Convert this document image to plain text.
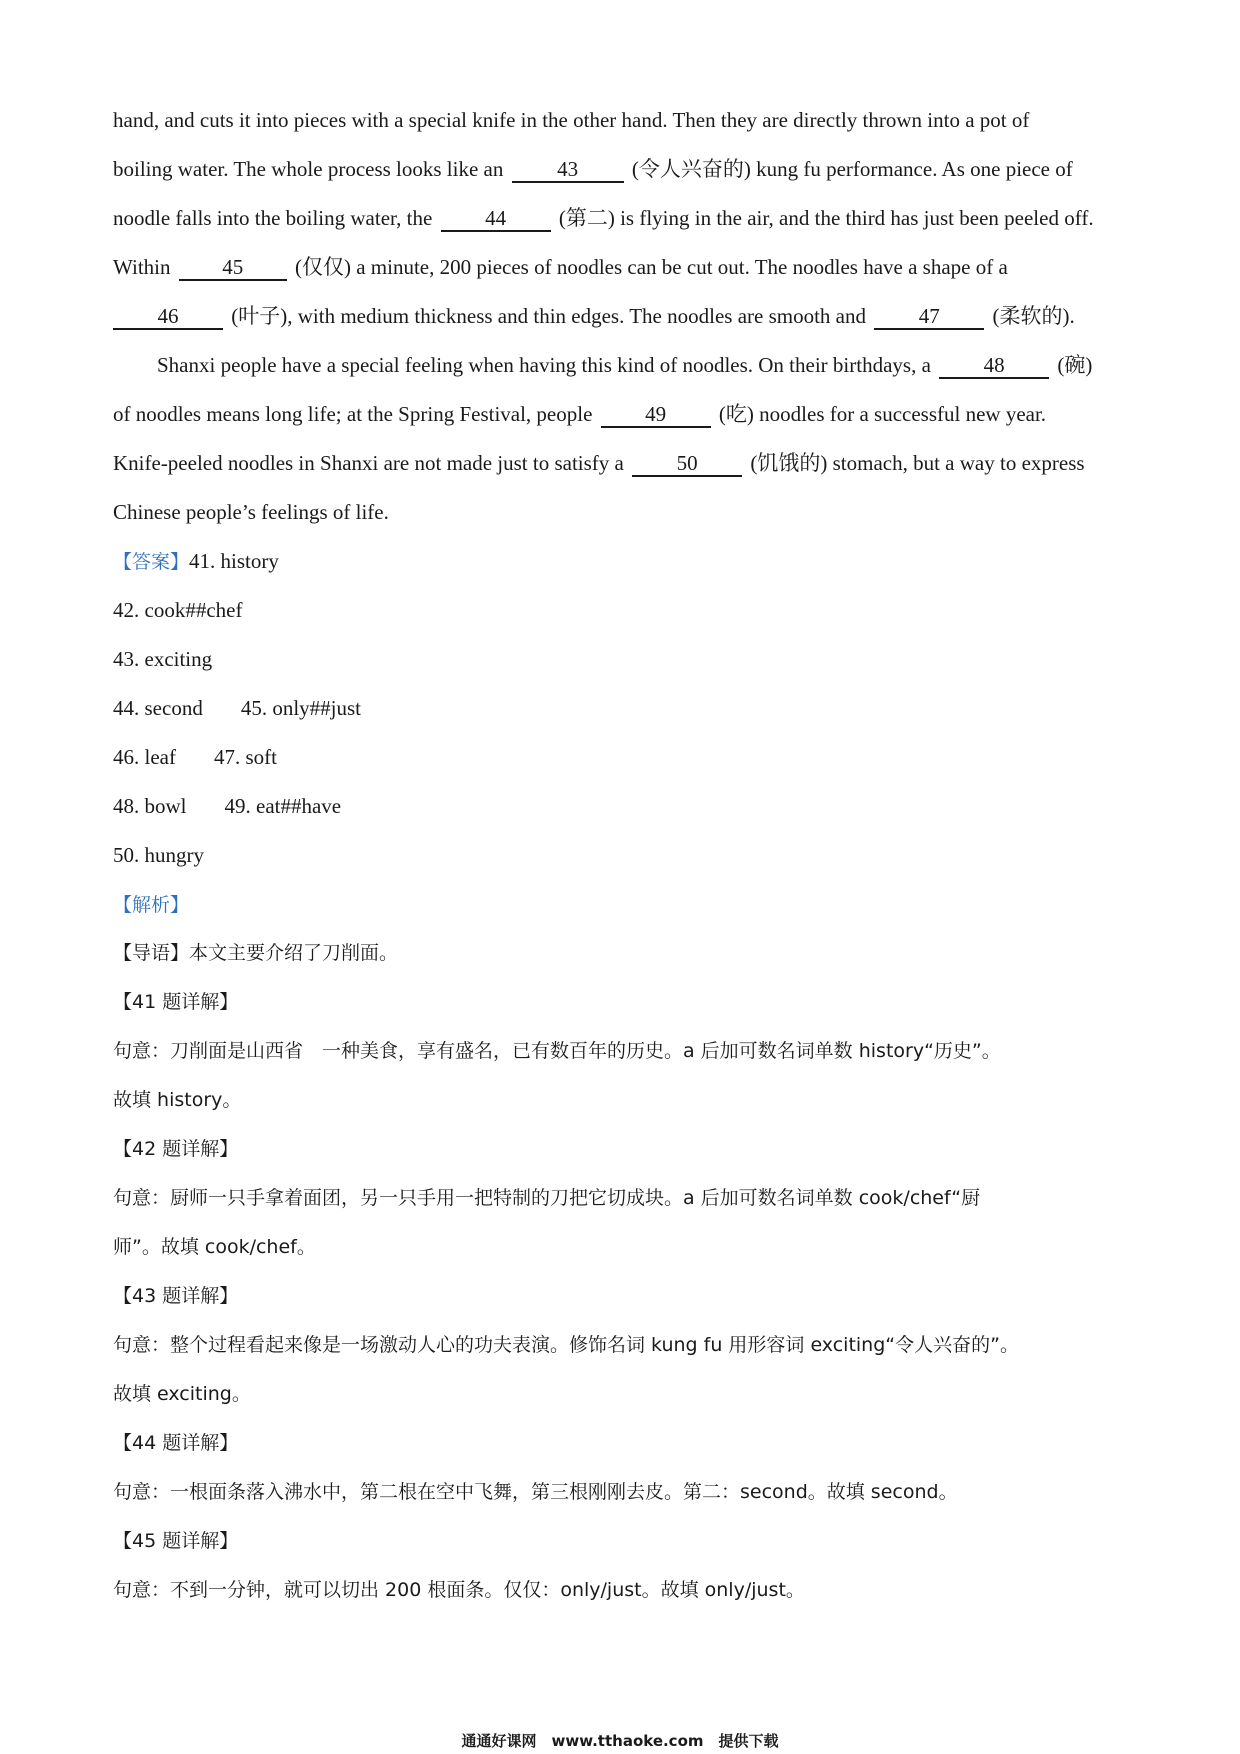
hand, and cuts it into pieces with a special knife in the other hand. Then they are directly thrown into a pot of
boiling water. The whole process looks like an	43	(令人兴奋的) kung fu performance. As one piece of
noodle falls into the boiling water, the	44	(第二) is flying in the air, and the third has just been peeled off.
Within 45 (仅仅) a minute, 200 pieces of noodles can be cut out. The noodles have a shape of a
46	(叶子), with medium thickness and thin edges. The noodles are smooth and	47	(柔软的).
Shanxi people have a special feeling when having this kind of noodles. On their birthdays, a	48	(碗)
of noodles means long life; at the Spring Festival, people	49	(吃) noodles for a successful new year.
Knife-peeled noodles in Shanxi are not made just to satisfy a	50	(饥饿的) stomach, but a way to express
Chinese people’s feelings of life.
【答案】41. history
42. cook##chef
43. exciting
44. second 45. only##just
46. leaf 47. soft
48. bowl 49. eat##have
50. hungry
【解析】
【导语】本文主要介绍了刀削面。
【41 题详解】
句意：刀削面是山西省　一种美食，享有盛名，已有数百年的历史。a 后加可数名词单数 history“历史”。
故填 history。
【42 题详解】
句意：厨师一只手拿着面团，另一只手用一把特制的刀把它切成块。a 后加可数名词单数 cook/chef“厨
师”。故填 cook/chef。
【43 题详解】
句意：整个过程看起来像是一场激动人心的功夫表演。修饰名词 kung fu 用形容词 exciting“令人兴奋的”。
故填 exciting。
【44 题详解】
句意：一根面条落入沸水中，第二根在空中飞舞，第三根刚刚去皮。第二：second。故填 second。
【45 题详解】
句意：不到一分钟，就可以切出 200 根面条。仅仅：only/just。故填 only/just。
通通好课网　www.tthaoke.com　提供下载
